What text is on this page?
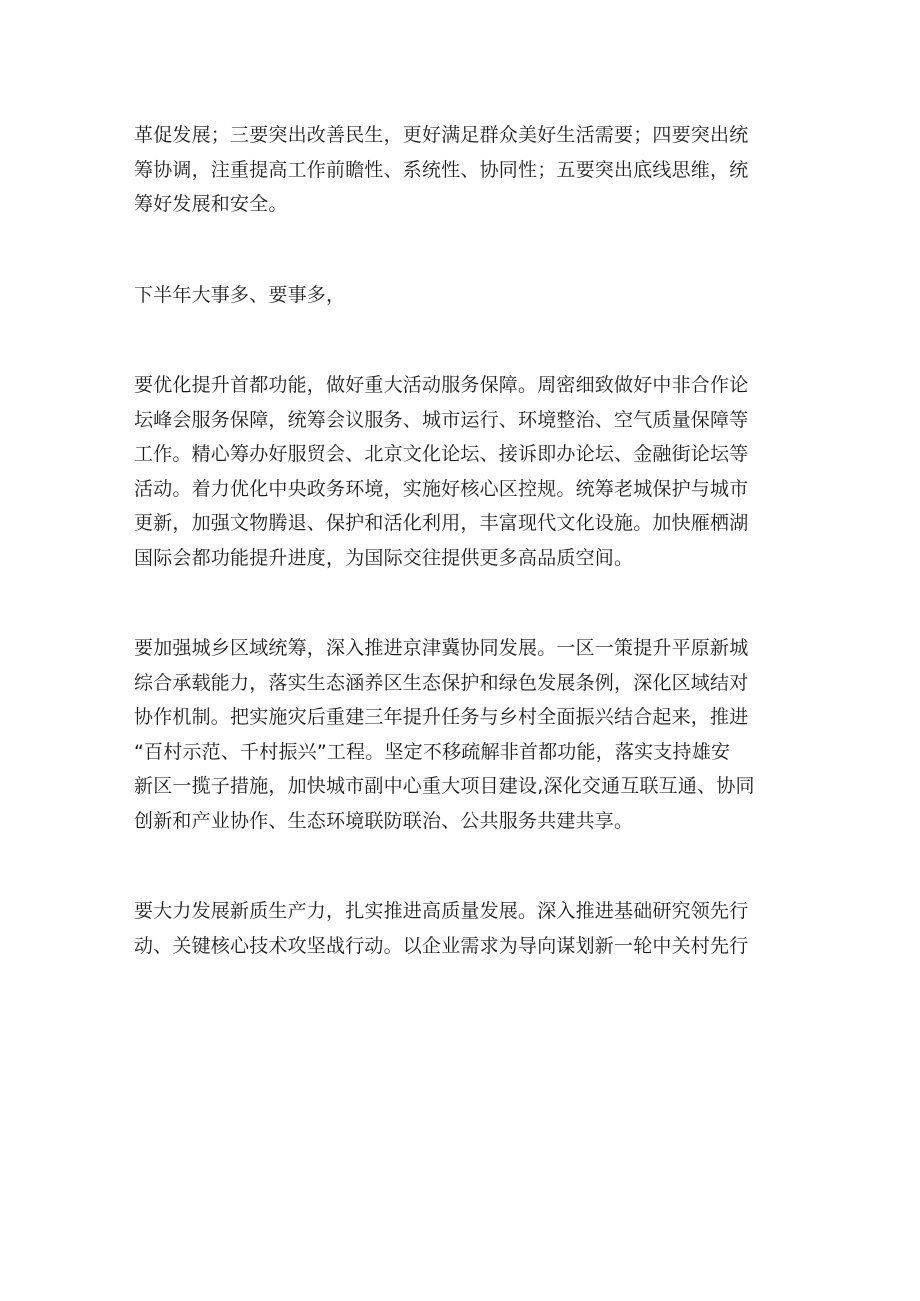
革促发展；三要突出改善民生，更好满足群众美好生活需要；四要突出统
筹协调，注重提高工作前瞻性、系统性、协同性；五要突出底线思维，统
筹好发展和安全。

下半年大事多、要事多，

要优化提升首都功能，做好重大活动服务保障。周密细致做好中非合作论
坛峰会服务保障，统筹会议服务、城市运行、环境整治、空气质量保障等
工作。精心筹办好服贸会、北京文化论坛、接诉即办论坛、金融街论坛等
活动。着力优化中央政务环境，实施好核心区控规。统筹老城保护与城市
更新，加强文物腾退、保护和活化利用，丰富现代文化设施。加快雁栖湖
国际会都功能提升进度，为国际交往提供更多高品质空间。

要加强城乡区域统筹，深入推进京津冀协同发展。一区一策提升平原新城
综合承载能力，落实生态涵养区生态保护和绿色发展条例，深化区域结对
协作机制。把实施灾后重建三年提升任务与乡村全面振兴结合起来，推进
“百村示范、千村振兴”工程。坚定不移疏解非首都功能，落实支持雄安
新区一揽子措施，加快城市副中心重大项目建设,深化交通互联互通、协同
创新和产业协作、生态环境联防联治、公共服务共建共享。

要大力发展新质生产力，扎实推进高质量发展。深入推进基础研究领先行
动、关键核心技术攻坚战行动。以企业需求为导向谋划新一轮中关村先行
